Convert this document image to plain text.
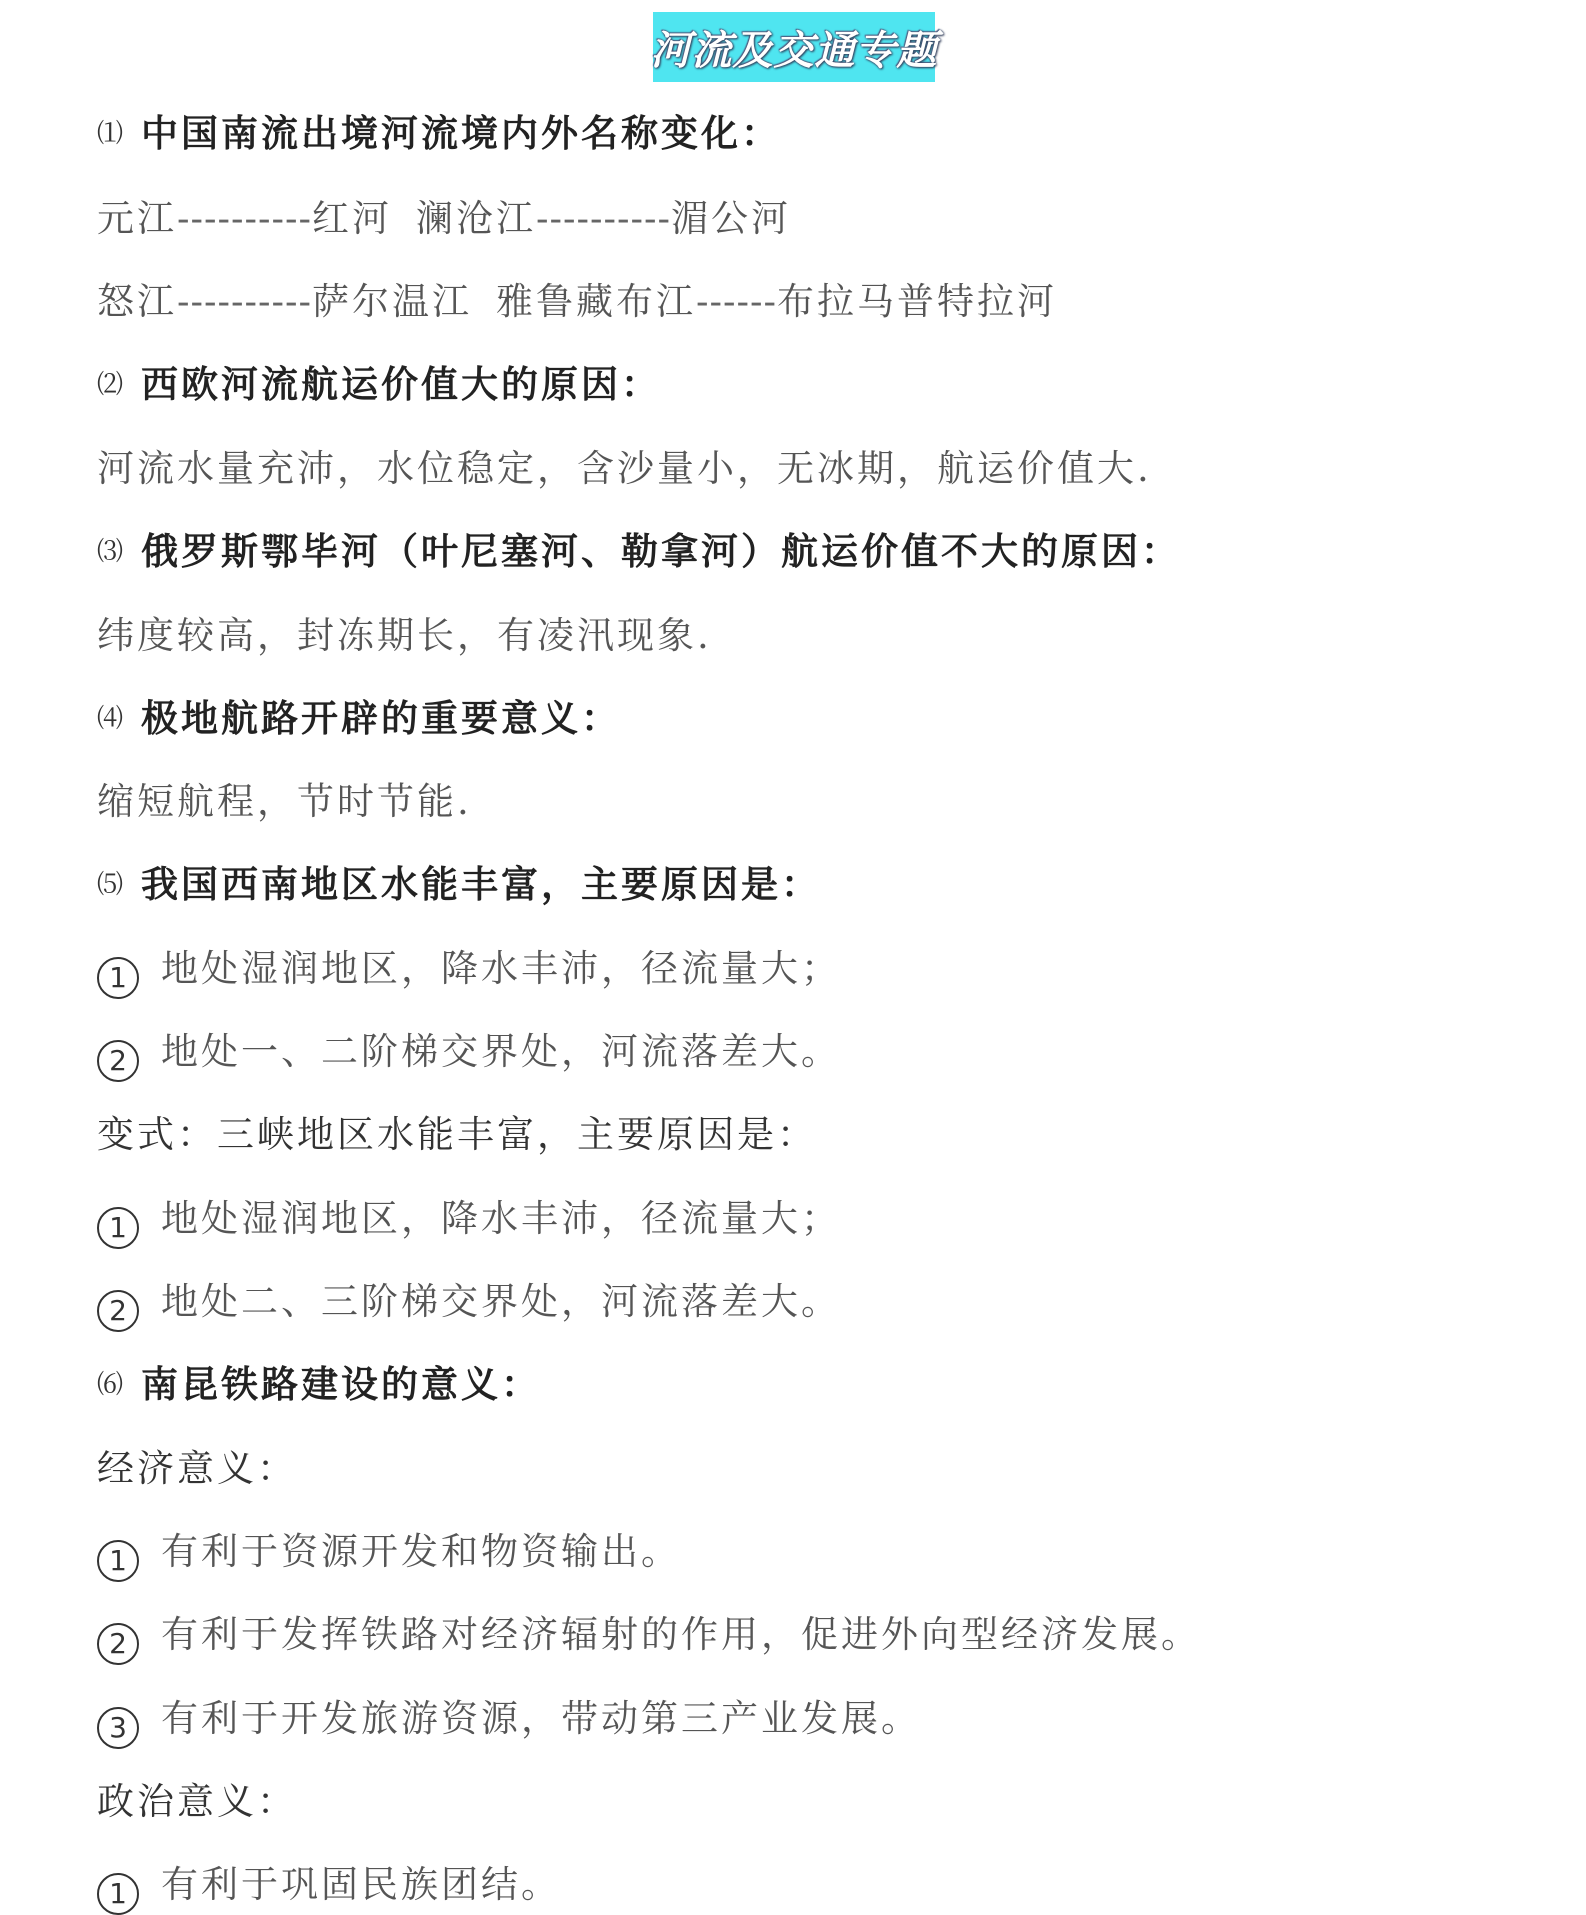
河流及交通专题
⑴ 中国南流出境河流境内外名称变化：
元江----------红河 澜沧江----------湄公河
怒江----------萨尔温江 雅鲁藏布江------布拉马普特拉河
⑵ 西欧河流航运价值大的原因：
河流水量充沛，水位稳定，含沙量小，无冰期，航运价值大.
⑶ 俄罗斯鄂毕河（叶尼塞河、勒拿河）航运价值不大的原因：
纬度较高，封冻期长，有凌汛现象.
⑷ 极地航路开辟的重要意义：
缩短航程，节时节能.
⑸ 我国西南地区水能丰富，主要原因是：
1 地处湿润地区，降水丰沛，径流量大；
2 地处一、二阶梯交界处，河流落差大。
变式：三峡地区水能丰富，主要原因是：
1 地处湿润地区，降水丰沛，径流量大；
2 地处二、三阶梯交界处，河流落差大。
⑹ 南昆铁路建设的意义：
经济意义：
1 有利于资源开发和物资输出。
2 有利于发挥铁路对经济辐射的作用，促进外向型经济发展。
3 有利于开发旅游资源，带动第三产业发展。
政治意义：
1 有利于巩固民族团结。
